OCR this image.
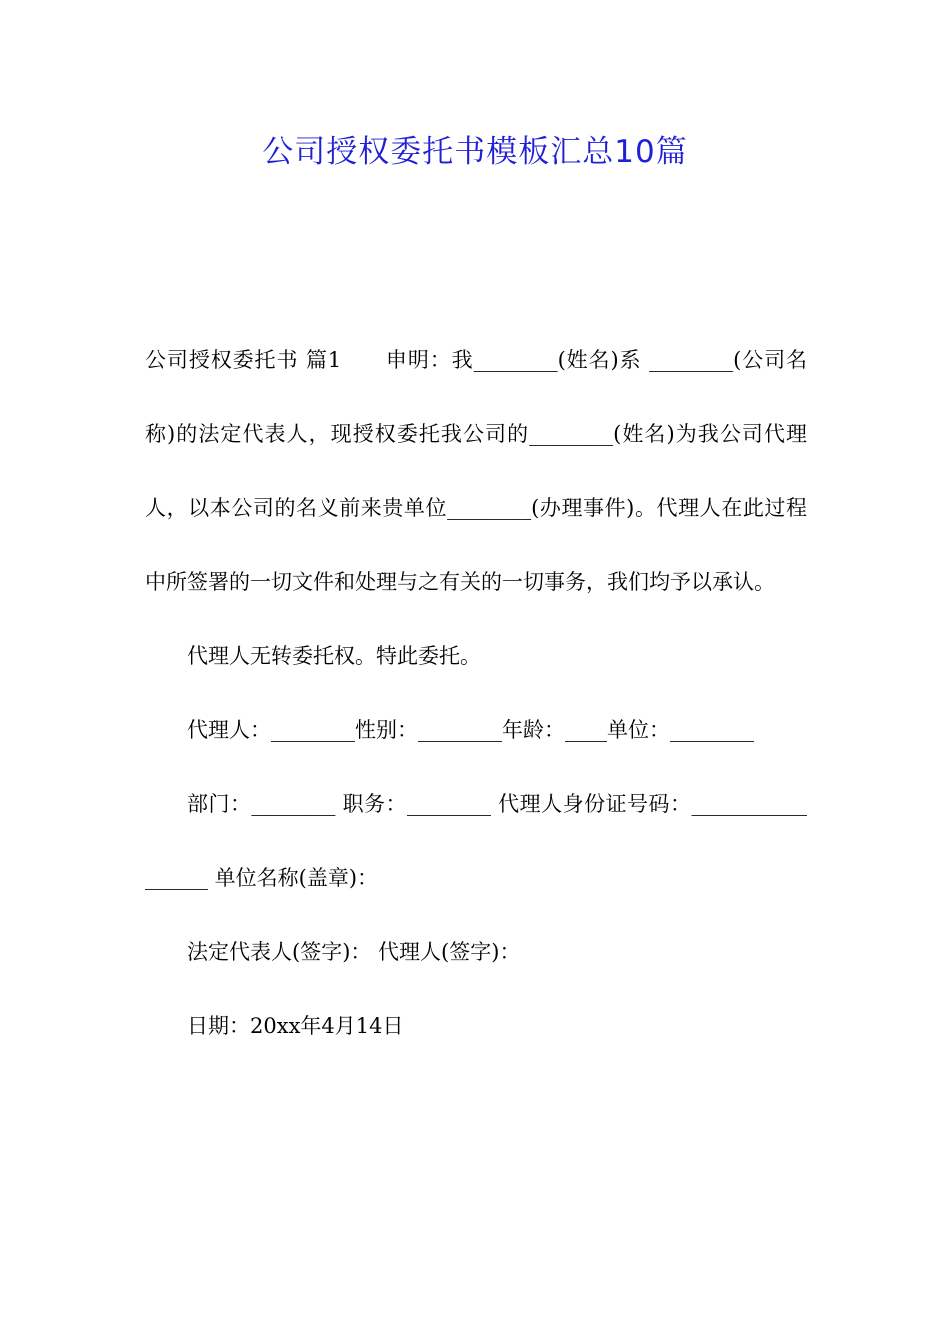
公司授权委托书模板汇总10篇

公司授权委托书 篇1　　申明：我________(姓名)系 ________(公司名称)的法定代表人，现授权委托我公司的________(姓名)为我公司代理人，以本公司的名义前来贵单位________(办理事件)。代理人在此过程中所签署的一切文件和处理与之有关的一切事务，我们均予以承认。

代理人无转委托权。特此委托。

代理人：________性别：________年龄：____单位：________

部门：________ 职务：________ 代理人身份证号码：_________________ 单位名称(盖章)：

法定代表人(签字)： 代理人(签字)：

日期：20xx年4月14日
